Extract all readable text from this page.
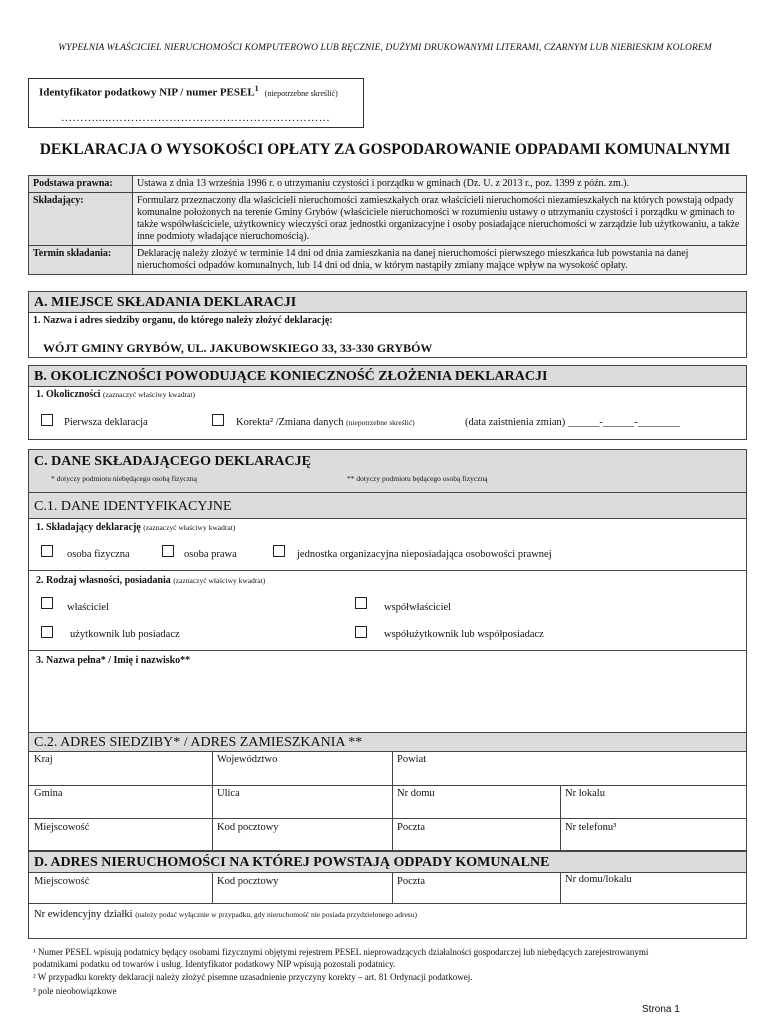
WYPEŁNIA WŁAŚCICIEL NIERUCHOMOŚCI KOMPUTEROWO LUB RĘCZNIE, DUŻYMI DRUKOWANYMI LITERAMI, CZARNYM LUB NIEBIESKIM KOLOREM
Identyfikator podatkowy NIP / numer PESEL$^1$(niepotrzebne skreślić)
……….....…………………………………………………
DEKLARACJA O WYSOKOŚCI OPŁATY ZA GOSPODAROWANIE ODPADAMI KOMUNALNYMI
Podstawa prawna:	Ustawa z dnia 13 września 1996 r. o utrzymaniu czystości i porządku w gminach (Dz. U. z 2013 r., poz. 1399 z późn. zm.).
Składający:	Formularz przeznaczony dla właścicieli nieruchomości zamieszkałych oraz właścicieli nieruchomości niezamieszkałych na których powstają odpady komunalne położonych na terenie Gminy Grybów (właściciele nieruchomości w rozumieniu ustawy o utrzymaniu czystości i porządku w gminach to także współwłaściciele, użytkownicy wieczyści oraz jednostki organizacyjne i osoby posiadające nieruchomości w zarządzie lub użytkowaniu, a także inne podmioty władające nieruchomością).
Termin składania:	Deklarację należy złożyć w terminie 14 dni od dnia zamieszkania na danej nieruchomości pierwszego mieszkańca lub powstania na danej nieruchomości odpadów komunalnych, lub 14 dni od dnia, w którym nastąpiły zmiany mające wpływ na wysokość opłaty.
A. MIEJSCE SKŁADANIA DEKLARACJI
1. Nazwa i adres siedziby organu, do którego należy złożyć deklarację:
WÓJT GMINY GRYBÓW, UL. JAKUBOWSKIEGO 33, 33-330 GRYBÓW
B. OKOLICZNOŚCI POWODUJĄCE KONIECZNOŚĆ ZŁOŻENIA DEKLARACJI
1. Okoliczności (zaznaczyć właściwy kwadrat)
Pierwsza deklaracja	Korekta² /Zmiana danych (niepotrzebne skreślić)	(data zaistnienia zmian) ______-______-________
C. DANE SKŁADAJĄCEGO DEKLARACJĘ
* dotyczy podmiotu niebędącego osobą fizyczną	** dotyczy podmiotu będącego osobą fizyczną
C.1. DANE IDENTYFIKACYJNE
1. Składający deklarację (zaznaczyć właściwy kwadrat)
osoba fizyczna	osoba prawa	jednostka organizacyjna nieposiadająca osobowości prawnej
2. Rodzaj własności, posiadania (zaznaczyć właściwy kwadrat)
właściciel	współwłaściciel
użytkownik lub posiadacz	współużytkownik lub współposiadacz
3. Nazwa pełna* / Imię i nazwisko**
C.2. ADRES SIEDZIBY* / ADRES ZAMIESZKANIA **
Kraj	Województwo	Powiat
Gmina	Ulica	Nr domu	Nr lokalu
Miejscowość	Kod pocztowy	Poczta	Nr telefonu³
D. ADRES NIERUCHOMOŚCI NA KTÓREJ POWSTAJĄ ODPADY KOMUNALNE
Miejscowość	Kod pocztowy	Poczta	Nr domu/lokalu
Nr ewidencyjny działki (należy podać wyłącznie w przypadku, gdy nieruchomość nie posiada przydzielonego adresu)
¹ Numer PESEL wpisują podatnicy będący osobami fizycznymi objętymi rejestrem PESEL nieprowadzących działalności gospodarczej lub niebędących zarejestrowanymi
podatnikami podatku od towarów i usług. Identyfikator podatkowy NIP wpisują pozostali podatnicy.
² W przypadku korekty deklaracji należy złożyć pisemne uzasadnienie przyczyny korekty – art. 81 Ordynacji podatkowej.
³ pole nieobowiązkowe
Strona 1
